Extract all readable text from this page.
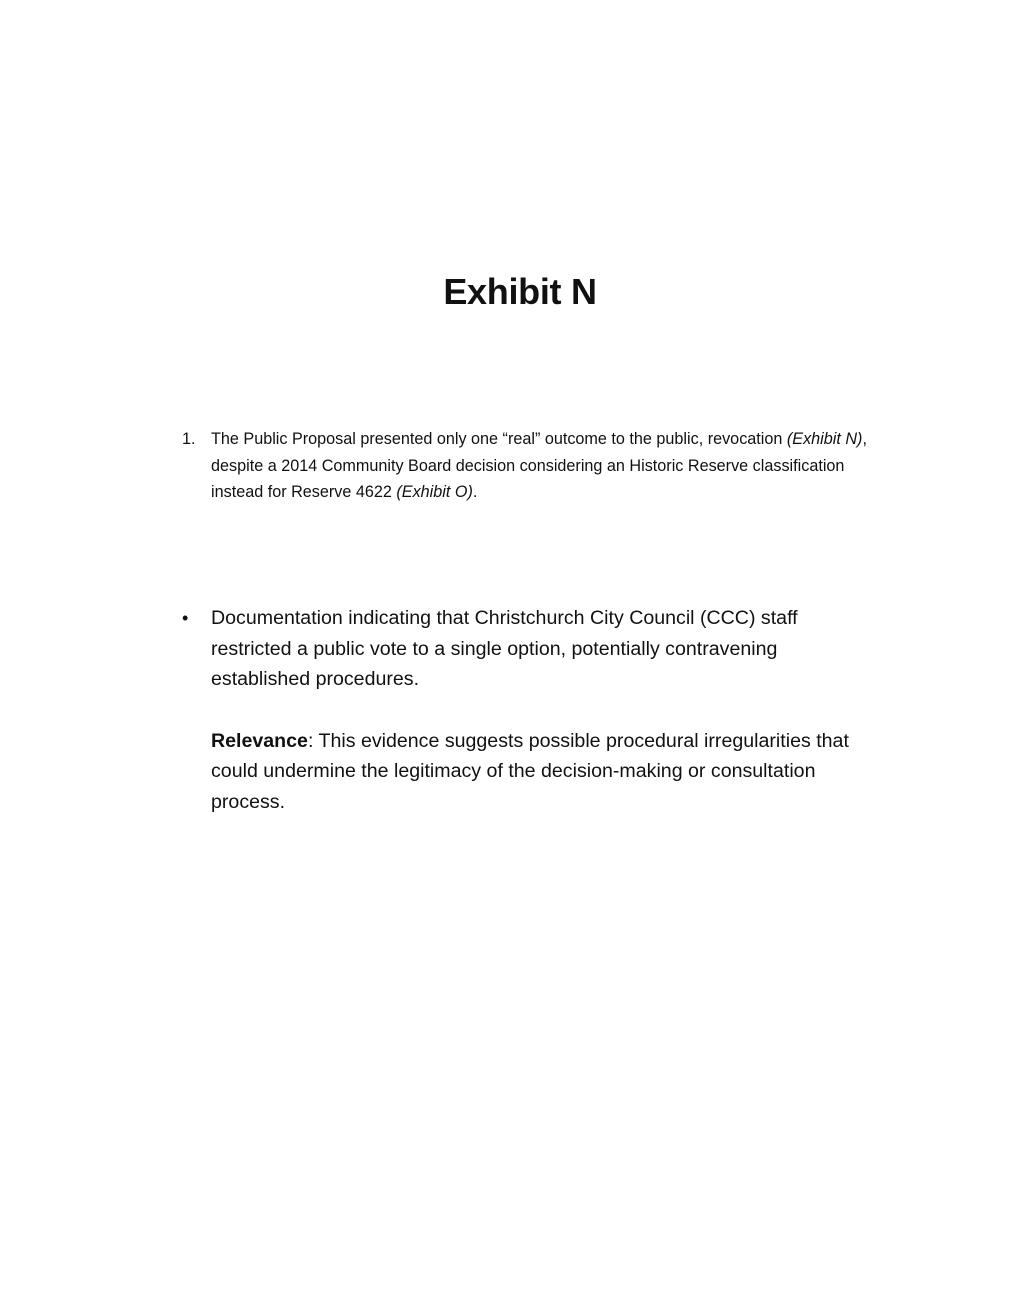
Exhibit N
1. The Public Proposal presented only one “real” outcome to the public, revocation (Exhibit N), despite a 2014 Community Board decision considering an Historic Reserve classification instead for Reserve 4622 (Exhibit O).
•	Documentation indicating that Christchurch City Council (CCC) staff restricted a public vote to a single option, potentially contravening established procedures.
Relevance: This evidence suggests possible procedural irregularities that could undermine the legitimacy of the decision-making or consultation process.
